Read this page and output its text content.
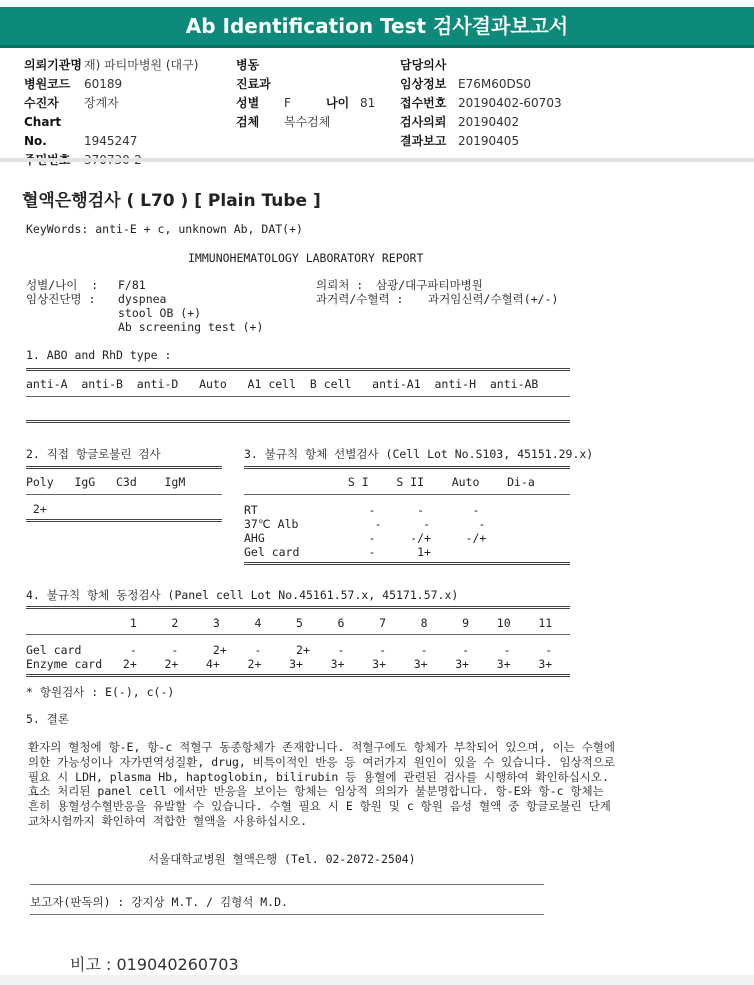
Ab Identification Test 검사결과보고서
의뢰기관명 재) 파티마병원 (대구)
병원코드 60189
수진자 장계자
Chart No.	1945247
병동
진료과
성별 F	나이 81
검체 복수검체
담당의사
임상정보 E76M60DS0
접수번호 20190402-60703
검사의뢰 20190402
결과보고 20190405
혈액은행검사 ( L70 ) [ Plain Tube ]
KeyWords: anti-E + c, unknown Ab, DAT(+)
IMMUNOHEMATOLOGY LABORATORY REPORT
성별/나이  : F/81
임상진단명 : dyspnea
stool OB (+)
Ab screening test (+)
의뢰처 : 삼광/대구파티마병원
과거력/수혈력 : 과거임신력/수혈력(+/-)
1. ABO and RhD type :
anti-A  anti-B  anti-D   Auto   A1 cell  B cell   anti-A1  anti-H  anti-AB
2. 직접 항글로불린 검사
Poly   IgG   C3d    IgM
2+
3. 불규칙 항체 선별검사 (Cell Lot No.S103, 45151.29.x)
S I    S II    Auto    Di-a
RT                -      -       -
37℃ Alb           -      -       -
AHG               -     -/+     -/+
Gel card          -      1+
4. 불규칙 항체 동정검사 (Panel cell Lot No.45161.57.x, 45171.57.x)
1     2     3     4     5     6     7     8     9    10    11
Gel card       -     -     2+    -     2+    -     -     -     -     -     -
Enzyme card   2+    2+    4+    2+    3+    3+    3+    3+    3+    3+    3+
* 항원검사 : E(-), c(-)
5. 결론
환자의 혈청에 항-E, 항-c 적혈구 동종항체가 존재합니다. 적혈구에도 항체가 부착되어 있으며, 이는 수혈에 의한 가능성이나 자가면역성질환, drug, 비특이적인 반응 등 여러가지 원인이 있을 수 있습니다. 임상적으로 필요 시 LDH, plasma Hb, haptoglobin, bilirubin 등 용혈에 관련된 검사를 시행하여 확인하십시오. 효소 처리된 panel cell 에서만 반응을 보이는 항체는 임상적 의의가 불분명합니다. 항-E와 항-c 항체는 흔히 용혈성수혈반응을 유발할 수 있습니다. 수혈 필요 시 E 항원 및 c 항원 음성 혈액 중 항글로불린 단계 교차시험까지 확인하여 적합한 혈액을 사용하십시오.
서울대학교병원 혈액은행 (Tel. 02-2072-2504)
보고자(판독의) : 강지상 M.T. / 김형석 M.D.
비고 : 019040260703
